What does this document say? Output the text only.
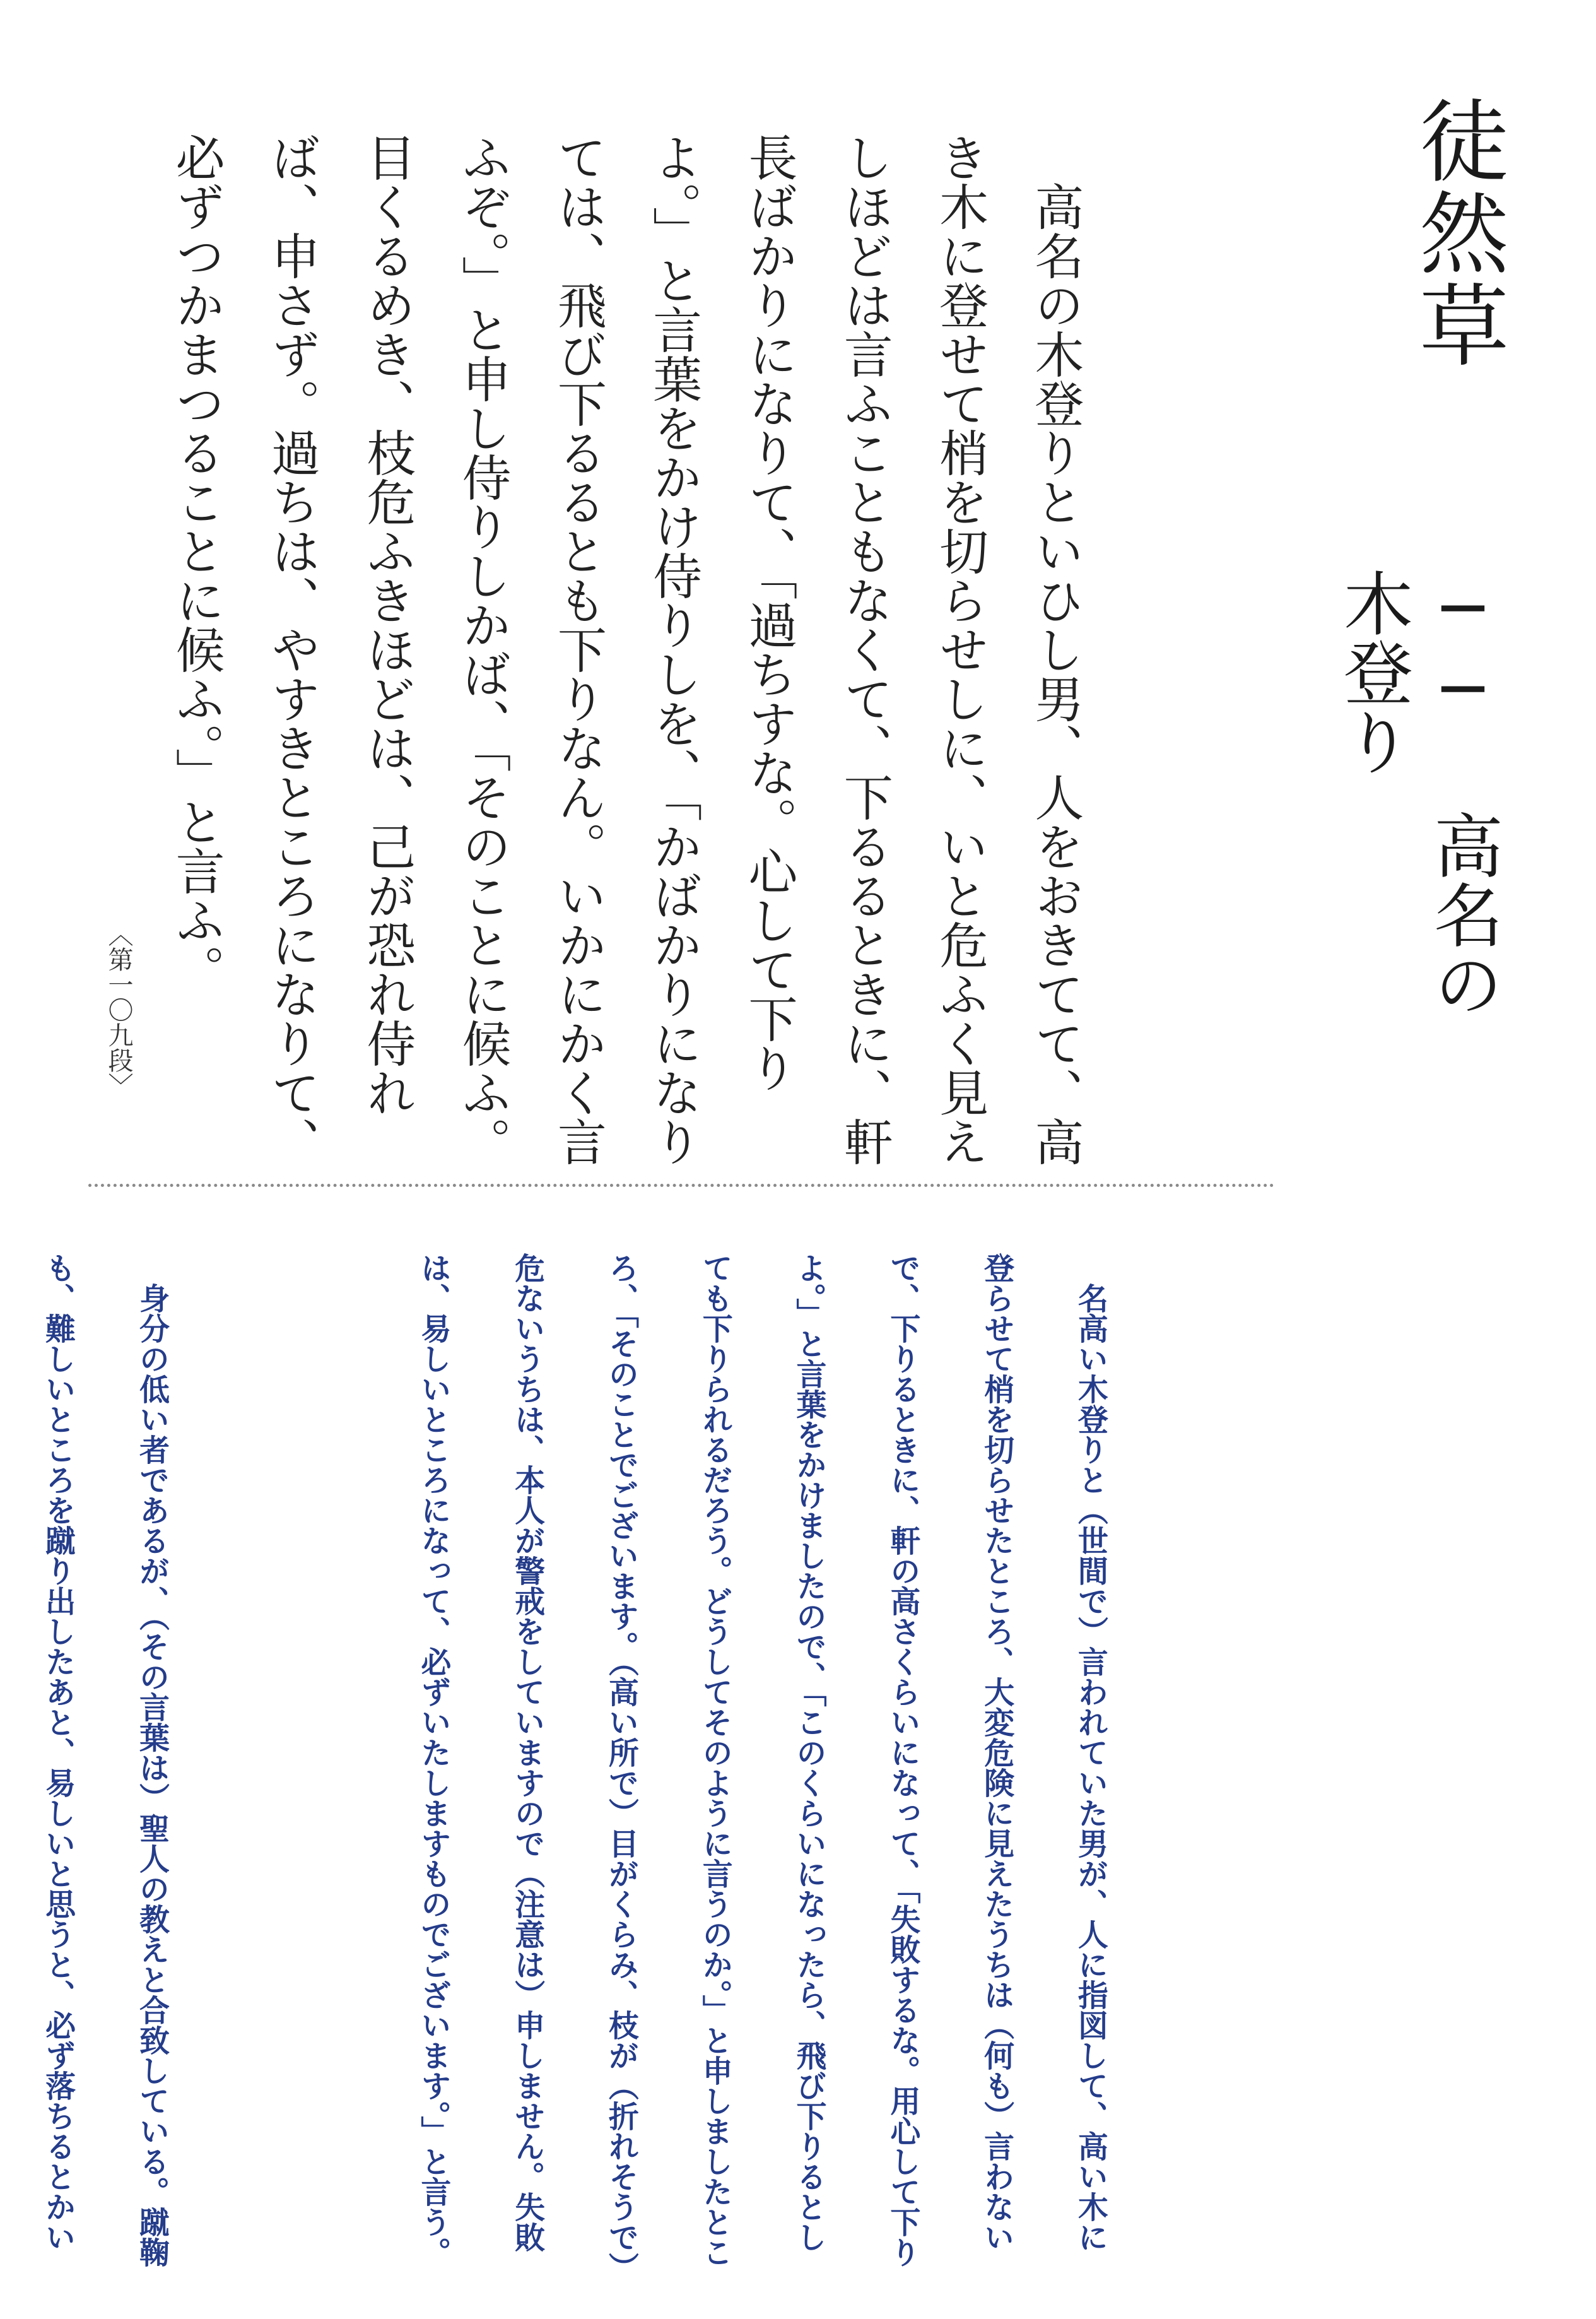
徒然草
── 高名の木登り

　高名の木登りといひし男、人をおきてて、高き木に登せて梢を切らせしに、いと危ふく見えしほどは言ふこともなくて、下るるときに、軒長ばかりになりて、「過ちすな。心して下りよ。」と言葉をかけ侍りしを、「かばかりになりては、飛び下るるとも下りなん。いかにかく言ふぞ。」と申し侍りしかば、「そのことに候ふ。目くるめき、枝危ふきほどは、己が恐れ侍れば、申さず。過ちは、やすきところになりて、必ずつかまつることに候ふ。」と言ふ。

〈第一〇九段〉

　名高い木登りと（世間で）言われていた男が、人に指図して、高い木に登らせて梢を切らせたところ、大変危険に見えたうちは（何も）言わないで、下りるときに、軒の高さくらいになって、「失敗するな。用心して下りよ。」と言葉をかけましたので、「このくらいになったら、飛び下りるとしても下りられるだろう。どうしてそのように言うのか。」と申しましたところ、「そのことでございます。（高い所で）目がくらみ、枝が（折れそうで）危ないうちは、本人が警戒をしていますので（注意は）申しません。失敗は、易しいところになって、必ずいたしますものでございます。」と言う。

　身分の低い者であるが、（その言葉は）聖人の教えと合致している。蹴鞠も、難しいところを蹴り出したあと、易しいと思うと、必ず落ちるとかい
